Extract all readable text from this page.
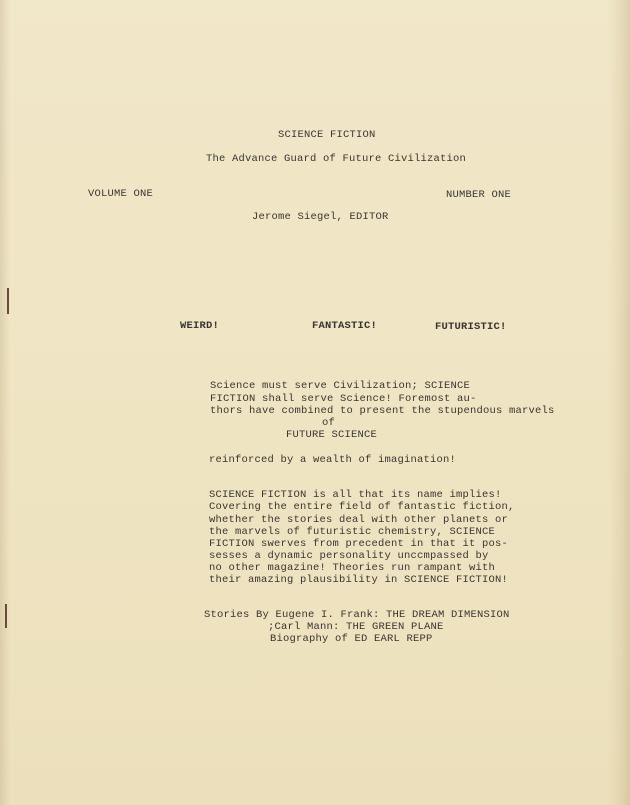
SCIENCE FICTION
The Advance Guard of Future Civilization
VOLUME ONE	NUMBER ONE
Jerome Siegel, EDITOR
WEIRD!	FANTASTIC!	FUTURISTIC!
Science must serve Civilization; SCIENCE
FICTION shall serve Science! Foremost au-
thors have combined to present the stupendous marvels
of
FUTURE SCIENCE
reinforced by a wealth of imagination!
SCIENCE FICTION is all that its name implies!
Covering the entire field of fantastic fiction,
whether the stories deal with other planets or
the marvels of futuristic chemistry, SCIENCE
FICTION swerves from precedent in that it pos-
sesses a dynamic personality unccmpassed by
no other magazine! Theories run rampant with
their amazing plausibility in SCIENCE FICTION!
Stories By Eugene I. Frank: THE DREAM DIMENSION
;Carl Mann: THE GREEN PLANE
Biography of ED EARL REPP
